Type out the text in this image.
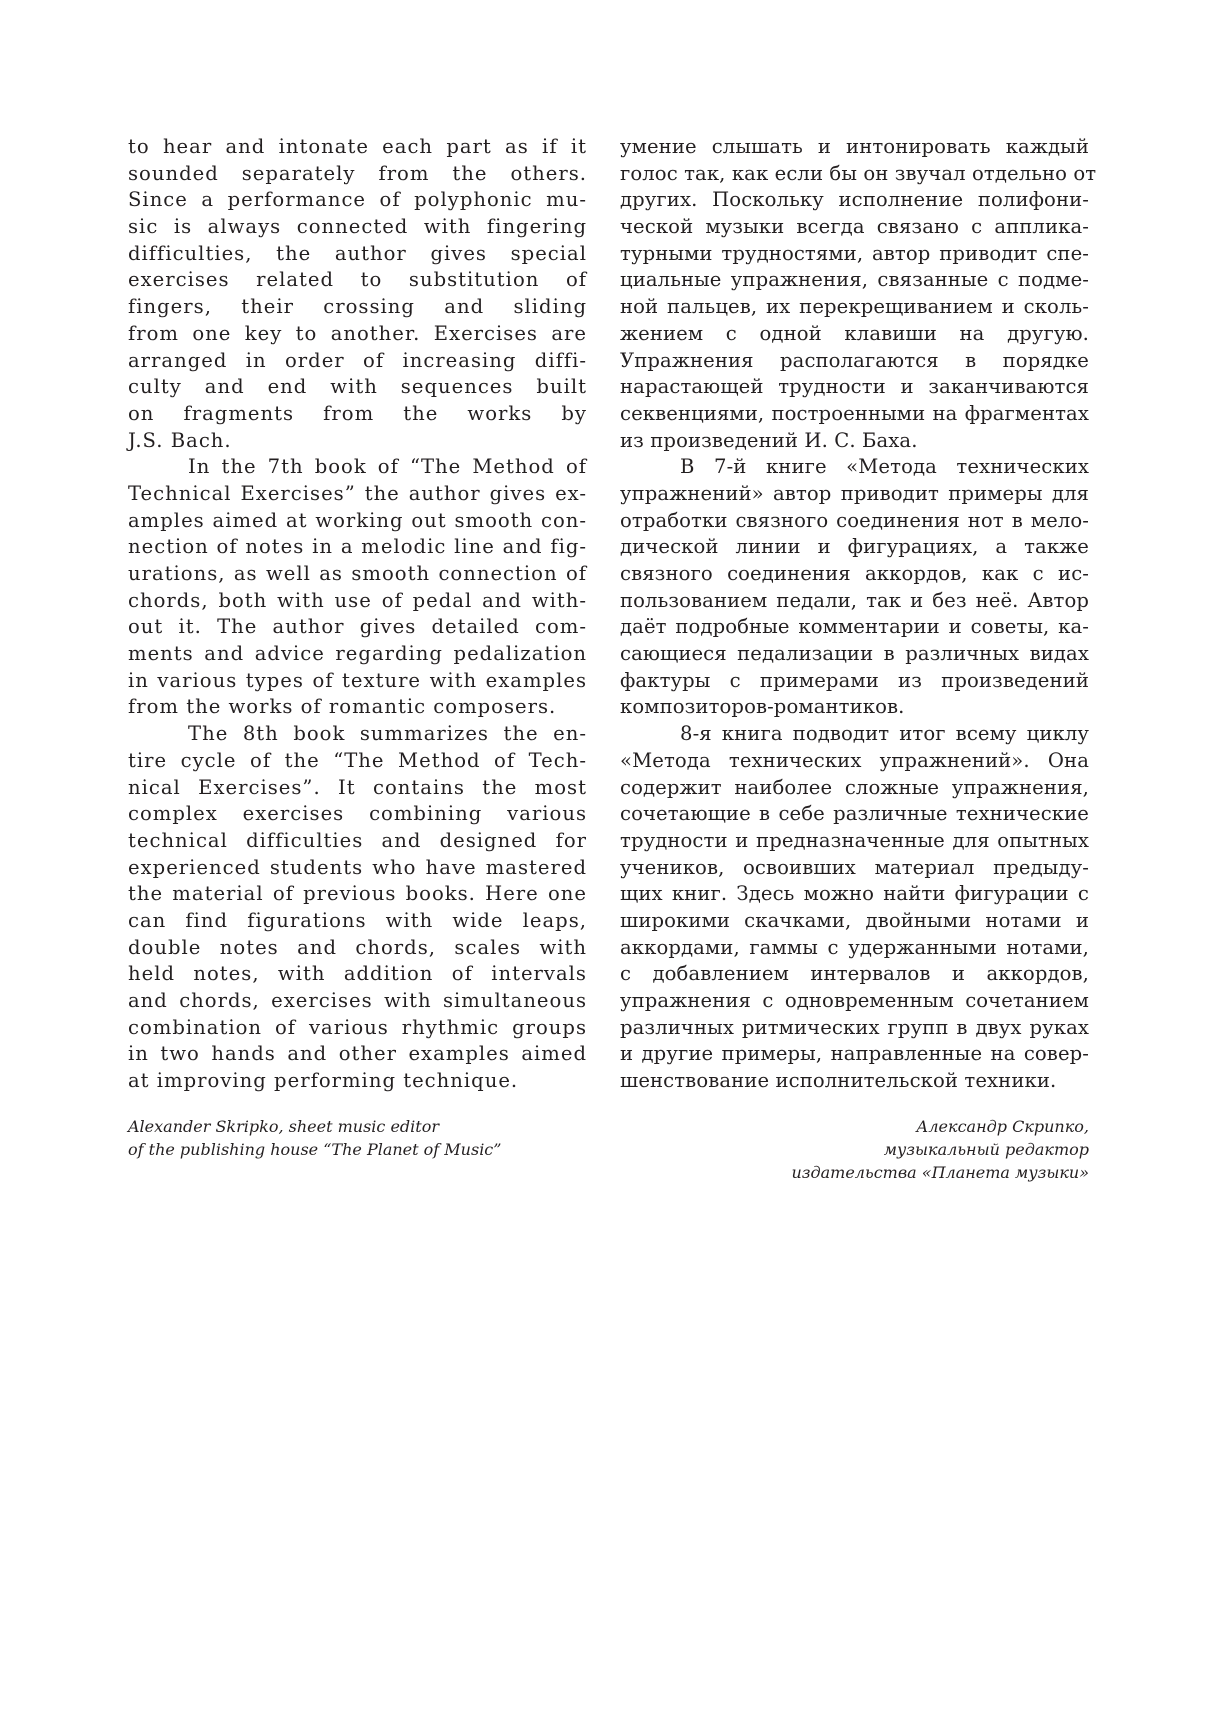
to hear and intonate each part as if it
sounded separately from the others.
Since a performance of polyphonic mu-
sic is always connected with fingering
difficulties, the author gives special
exercises related to substitution of
fingers, their crossing and sliding
from one key to another. Exercises are
arranged in order of increasing diffi-
culty and end with sequences built
on fragments from the works by
J.S. Bach.
In the 7th book of “The Method of
Technical Exercises” the author gives ex-
amples aimed at working out smooth con-
nection of notes in a melodic line and fig-
urations, as well as smooth connection of
chords, both with use of pedal and with-
out it. The author gives detailed com-
ments and advice regarding pedalization
in various types of texture with examples
from the works of romantic composers.
The 8th book summarizes the en-
tire cycle of the “The Method of Tech-
nical Exercises”. It contains the most
complex exercises combining various
technical difficulties and designed for
experienced students who have mastered
the material of previous books. Here one
can find figurations with wide leaps,
double notes and chords, scales with
held notes, with addition of intervals
and chords, exercises with simultaneous
combination of various rhythmic groups
in two hands and other examples aimed
at improving performing technique.
Alexander Skripko, sheet music editor
of the publishing house “The Planet of Music”
умение слышать и интонировать каждый
голос так, как если бы он звучал отдельно от
других. Поскольку исполнение полифони-
ческой музыки всегда связано с апплика-
турными трудностями, автор приводит спе-
циальные упражнения, связанные с подме-
ной пальцев, их перекрещиванием и сколь-
жением с одной клавиши на другую.
Упражнения располагаются в порядке
нарастающей трудности и заканчиваются
секвенциями, построенными на фрагментах
из произведений И. С. Баха.
В 7-й книге «Метода технических
упражнений» автор приводит примеры для
отработки связного соединения нот в мело-
дической линии и фигурациях, а также
связного соединения аккордов, как с ис-
пользованием педали, так и без неё. Автор
даёт подробные комментарии и советы, ка-
сающиеся педализации в различных видах
фактуры с примерами из произведений
композиторов-романтиков.
8-я книга подводит итог всему циклу
«Метода технических упражнений». Она
содержит наиболее сложные упражнения,
сочетающие в себе различные технические
трудности и предназначенные для опытных
учеников, освоивших материал предыду-
щих книг. Здесь можно найти фигурации с
широкими скачками, двойными нотами и
аккордами, гаммы с удержанными нотами,
с добавлением интервалов и аккордов,
упражнения с одновременным сочетанием
различных ритмических групп в двух руках
и другие примеры, направленные на совер-
шенствование исполнительской техники.
Александр Скрипко,
музыкальный редактор
издательства «Планета музыки»
